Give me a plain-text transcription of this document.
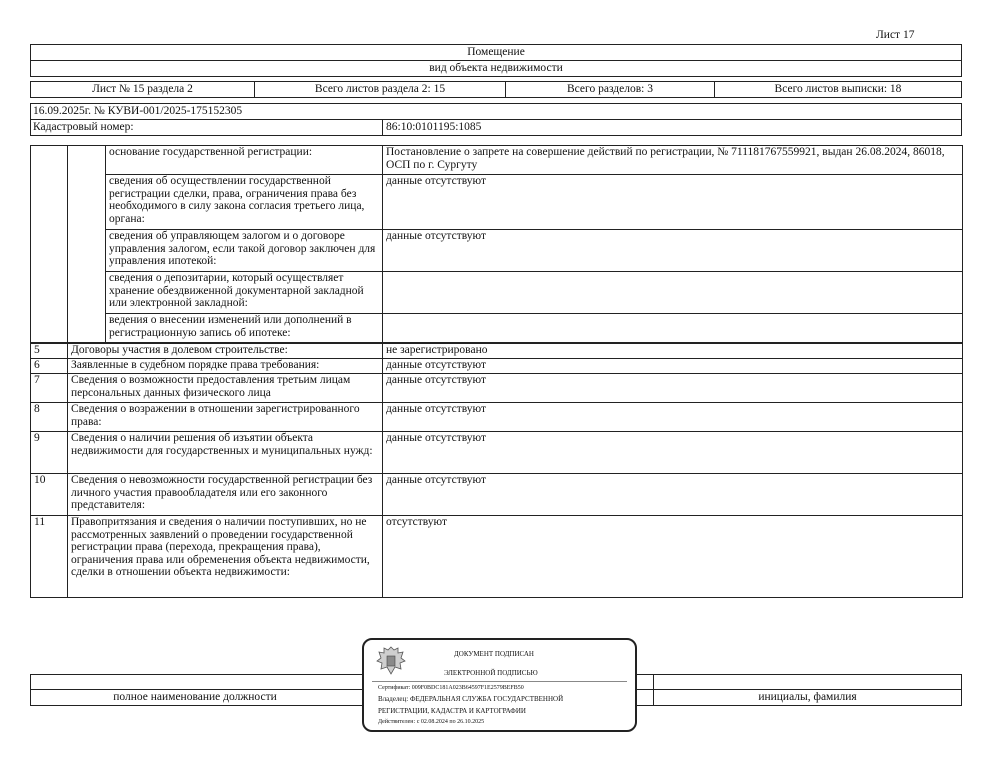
Лист 17
Помещение
вид объекта недвижимости
Лист № 15 раздела 2	Всего листов раздела 2: 15	Всего разделов: 3	Всего листов выписки: 18
16.09.2025г. № КУВИ-001/2025-175152305
Кадастровый номер:	86:10:0101195:1085
		основание государственной регистрации:	Постановление о запрете на совершение действий по регистрации, № 711181767559921, выдан 26.08.2024, 86018, ОСП по г. Сургуту
		сведения об осуществлении государственной регистрации сделки, права, ограничения права без необходимого в силу закона согласия третьего лица, органа:	данные отсутствуют
		сведения об управляющем залогом и о договоре управления залогом, если такой договор заключен для управления ипотекой:	данные отсутствуют
		сведения о депозитарии, который осуществляет хранение обездвиженной документарной закладной или электронной закладной:	
		ведения о внесении изменений или дополнений в регистрационную запись об ипотеке:	
5	Договоры участия в долевом строительстве:	не зарегистрировано
6	Заявленные в судебном порядке права требования:	данные отсутствуют
7	Сведения о возможности предоставления третьим лицам персональных данных физического лица	данные отсутствуют
8	Сведения о возражении в отношении зарегистрированного права:	данные отсутствуют
9	Сведения о наличии решения об изъятии объекта недвижимости для государственных и муниципальных нужд:	данные отсутствуют
10	Сведения о невозможности государственной регистрации без личного участия правообладателя или его законного представителя:	данные отсутствуют
11	Правопритязания и сведения о наличии поступивших, но не рассмотренных заявлений о проведении государственной регистрации права (перехода, прекращения права), ограничения права или обременения объекта недвижимости, сделки в отношении объекта недвижимости:	отсутствуют
полное наименование должности	инициалы, фамилия
ДОКУМЕНТ ПОДПИСАН
ЭЛЕКТРОННОЙ ПОДПИСЬЮ
Сертификат: 009F0BDC181A023B64597F1E2579BEFB50
Владелец: ФЕДЕРАЛЬНАЯ СЛУЖБА ГОСУДАРСТВЕННОЙ
РЕГИСТРАЦИИ, КАДАСТРА И КАРТОГРАФИИ
Действителен: с 02.08.2024 по 26.10.2025
